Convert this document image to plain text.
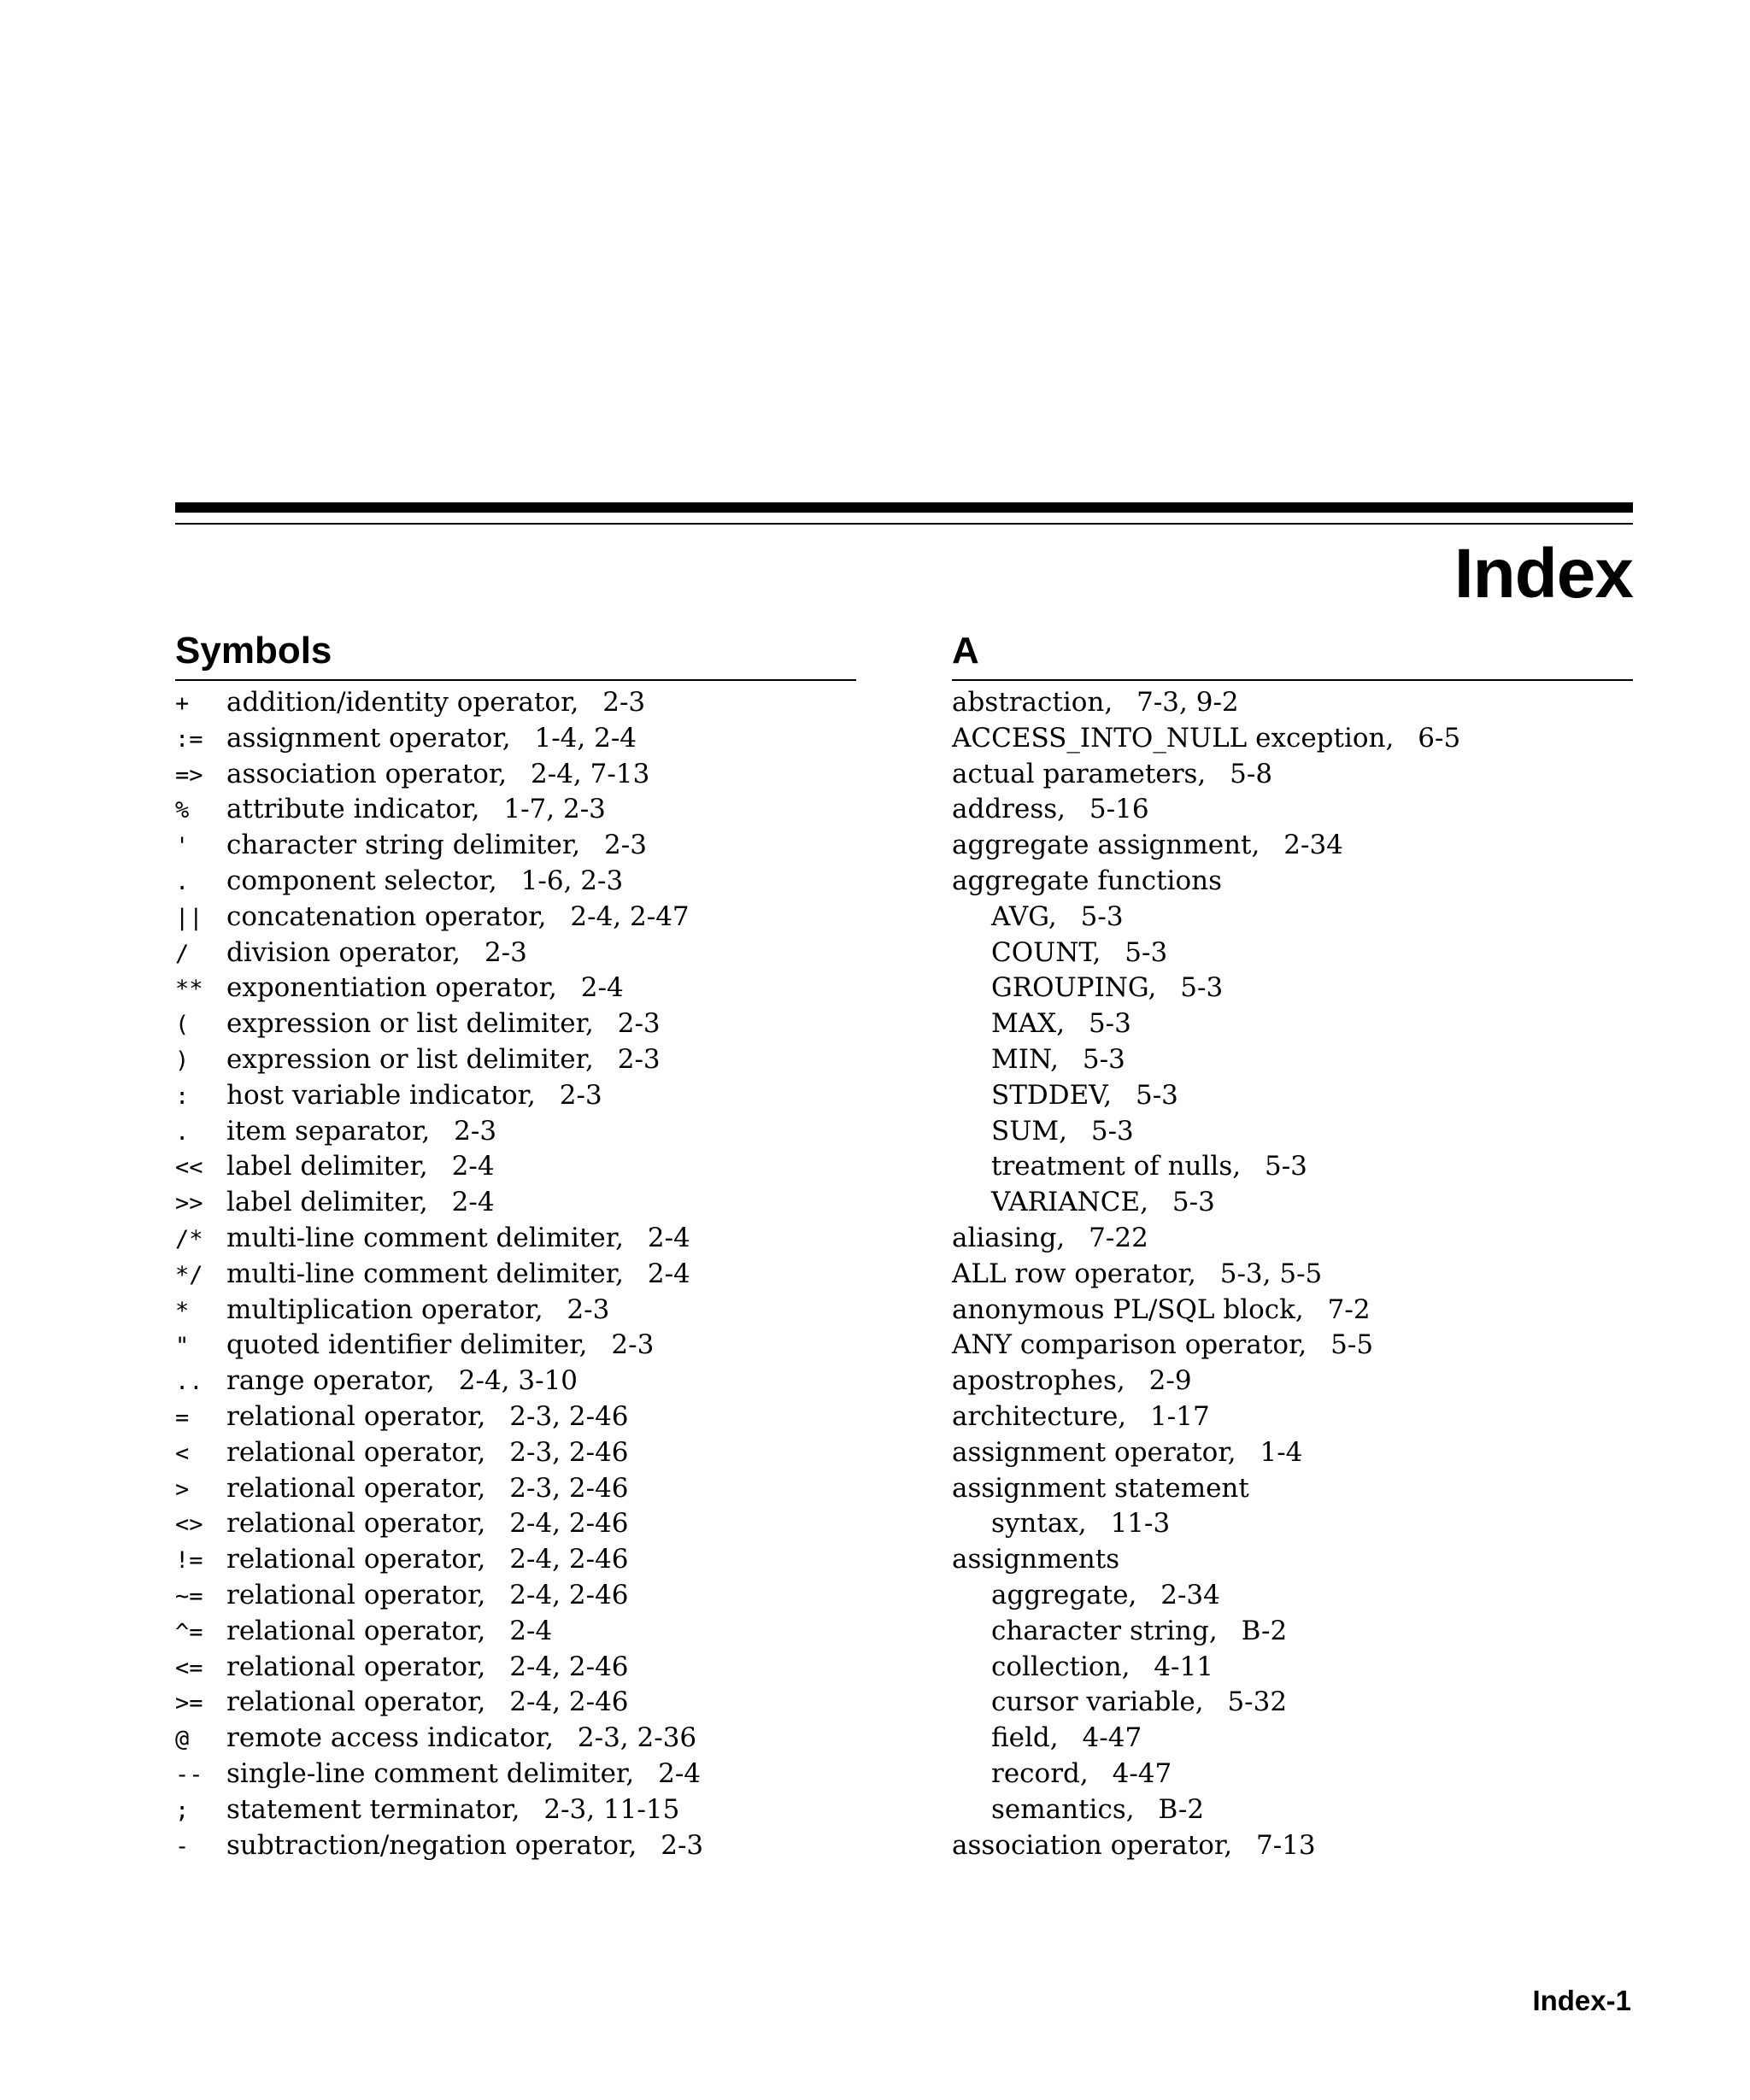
Index
Symbols
+	addition/identity operator, 2-3
:= assignment operator, 1-4, 2-4
=> association operator, 2-4, 7-13
%	attribute indicator, 1-7, 2-3
'	character string delimiter, 2-3
.	component selector, 1-6, 2-3
|| concatenation operator, 2-4, 2-47
/	division operator, 2-3
** exponentiation operator, 2-4
(	expression or list delimiter, 2-3
)	expression or list delimiter, 2-3
:	host variable indicator, 2-3
.	item separator, 2-3
<< label delimiter, 2-4
>> label delimiter, 2-4
/* multi-line comment delimiter, 2-4
*/ multi-line comment delimiter, 2-4
*	multiplication operator, 2-3
"	quoted identifier delimiter, 2-3
.. range operator, 2-4, 3-10
=	relational operator, 2-3, 2-46
<	relational operator, 2-3, 2-46
>	relational operator, 2-3, 2-46
<> relational operator, 2-4, 2-46
!= relational operator, 2-4, 2-46
~= relational operator, 2-4, 2-46
^= relational operator, 2-4
<= relational operator, 2-4, 2-46
>= relational operator, 2-4, 2-46
@	remote access indicator, 2-3, 2-36
-- single-line comment delimiter, 2-4
;	statement terminator, 2-3, 11-15
-	subtraction/negation operator, 2-3
A
abstraction, 7-3, 9-2
ACCESS_INTO_NULL exception, 6-5
actual parameters, 5-8
address, 5-16
aggregate assignment, 2-34
aggregate functions
AVG, 5-3
COUNT, 5-3
GROUPING, 5-3
MAX, 5-3
MIN, 5-3
STDDEV, 5-3
SUM, 5-3
treatment of nulls, 5-3
VARIANCE, 5-3
aliasing, 7-22
ALL row operator, 5-3, 5-5
anonymous PL/SQL block, 7-2
ANY comparison operator, 5-5
apostrophes, 2-9
architecture, 1-17
assignment operator, 1-4
assignment statement
syntax, 11-3
assignments
aggregate, 2-34
character string, B-2
collection, 4-11
cursor variable, 5-32
field, 4-47
record, 4-47
semantics, B-2
association operator, 7-13
Index-1
